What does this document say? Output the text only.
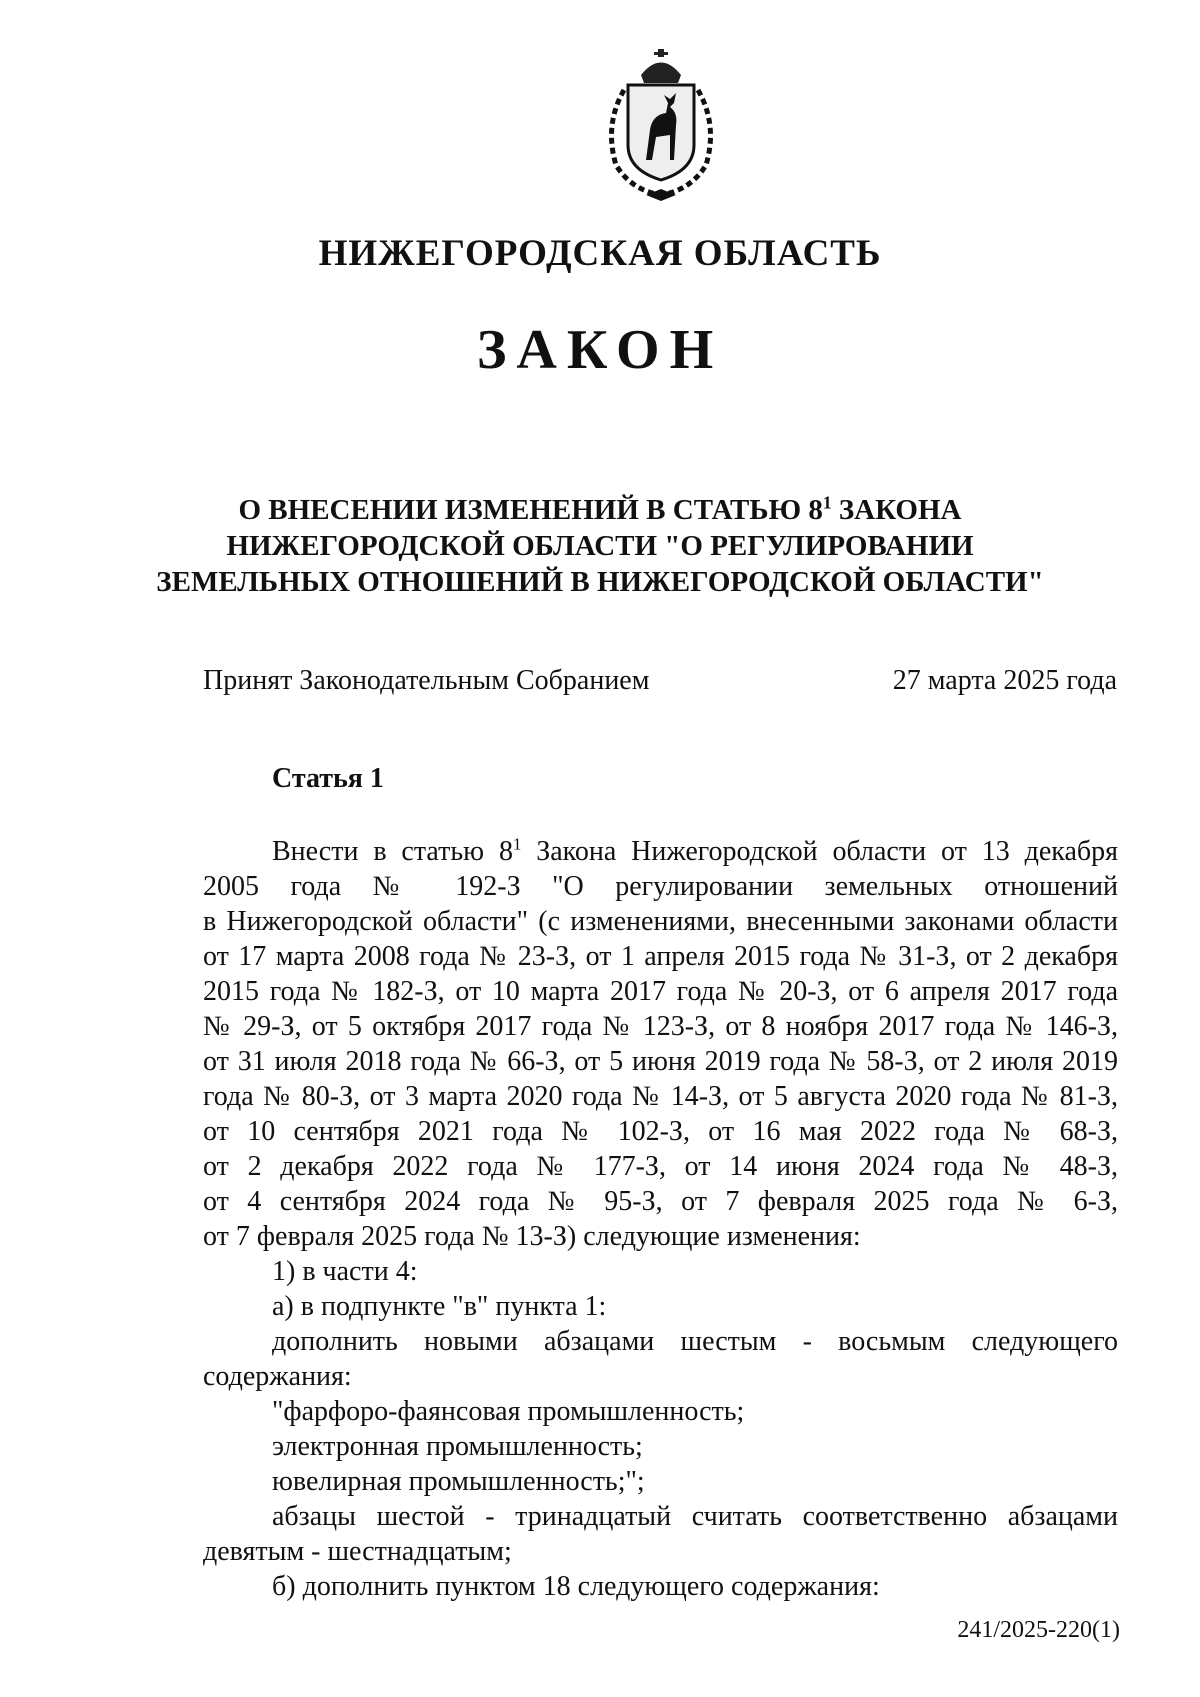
НИЖЕГОРОДСКАЯ ОБЛАСТЬ
ЗАКОН
О ВНЕСЕНИИ ИЗМЕНЕНИЙ В СТАТЬЮ $8^1$ ЗАКОНА
НИЖЕГОРОДСКОЙ ОБЛАСТИ "О РЕГУЛИРОВАНИИ
ЗЕМЕЛЬНЫХ ОТНОШЕНИЙ В НИЖЕГОРОДСКОЙ ОБЛАСТИ"
Принят Законодательным Собранием	27 марта 2025 года
Статья 1
Внести в статью $8^1$ Закона Нижегородской области от 13 декабря
2005 года № 192-З "О регулировании земельных отношений
в Нижегородской области" (с изменениями, внесенными законами области
от 17 марта 2008 года № 23-З, от 1 апреля 2015 года № 31-З, от 2 декабря
2015 года № 182-З, от 10 марта 2017 года № 20-З, от 6 апреля 2017 года
№ 29-З, от 5 октября 2017 года № 123-З, от 8 ноября 2017 года № 146-З,
от 31 июля 2018 года № 66-З, от 5 июня 2019 года № 58-З, от 2 июля 2019
года № 80-З, от 3 марта 2020 года № 14-З, от 5 августа 2020 года № 81-З,
от 10 сентября 2021 года № 102-З, от 16 мая 2022 года № 68-З,
от 2 декабря 2022 года № 177-З, от 14 июня 2024 года № 48-З,
от 4 сентября 2024 года № 95-З, от 7 февраля 2025 года № 6-З,
от 7 февраля 2025 года № 13-З) следующие изменения:
1) в части 4:
а) в подпункте "в" пункта 1:
дополнить новыми абзацами шестым - восьмым следующего
содержания:
"фарфоро-фаянсовая промышленность;
электронная промышленность;
ювелирная промышленность;";
абзацы шестой - тринадцатый считать соответственно абзацами
девятым - шестнадцатым;
б) дополнить пунктом 18 следующего содержания:
241/2025-220(1)
